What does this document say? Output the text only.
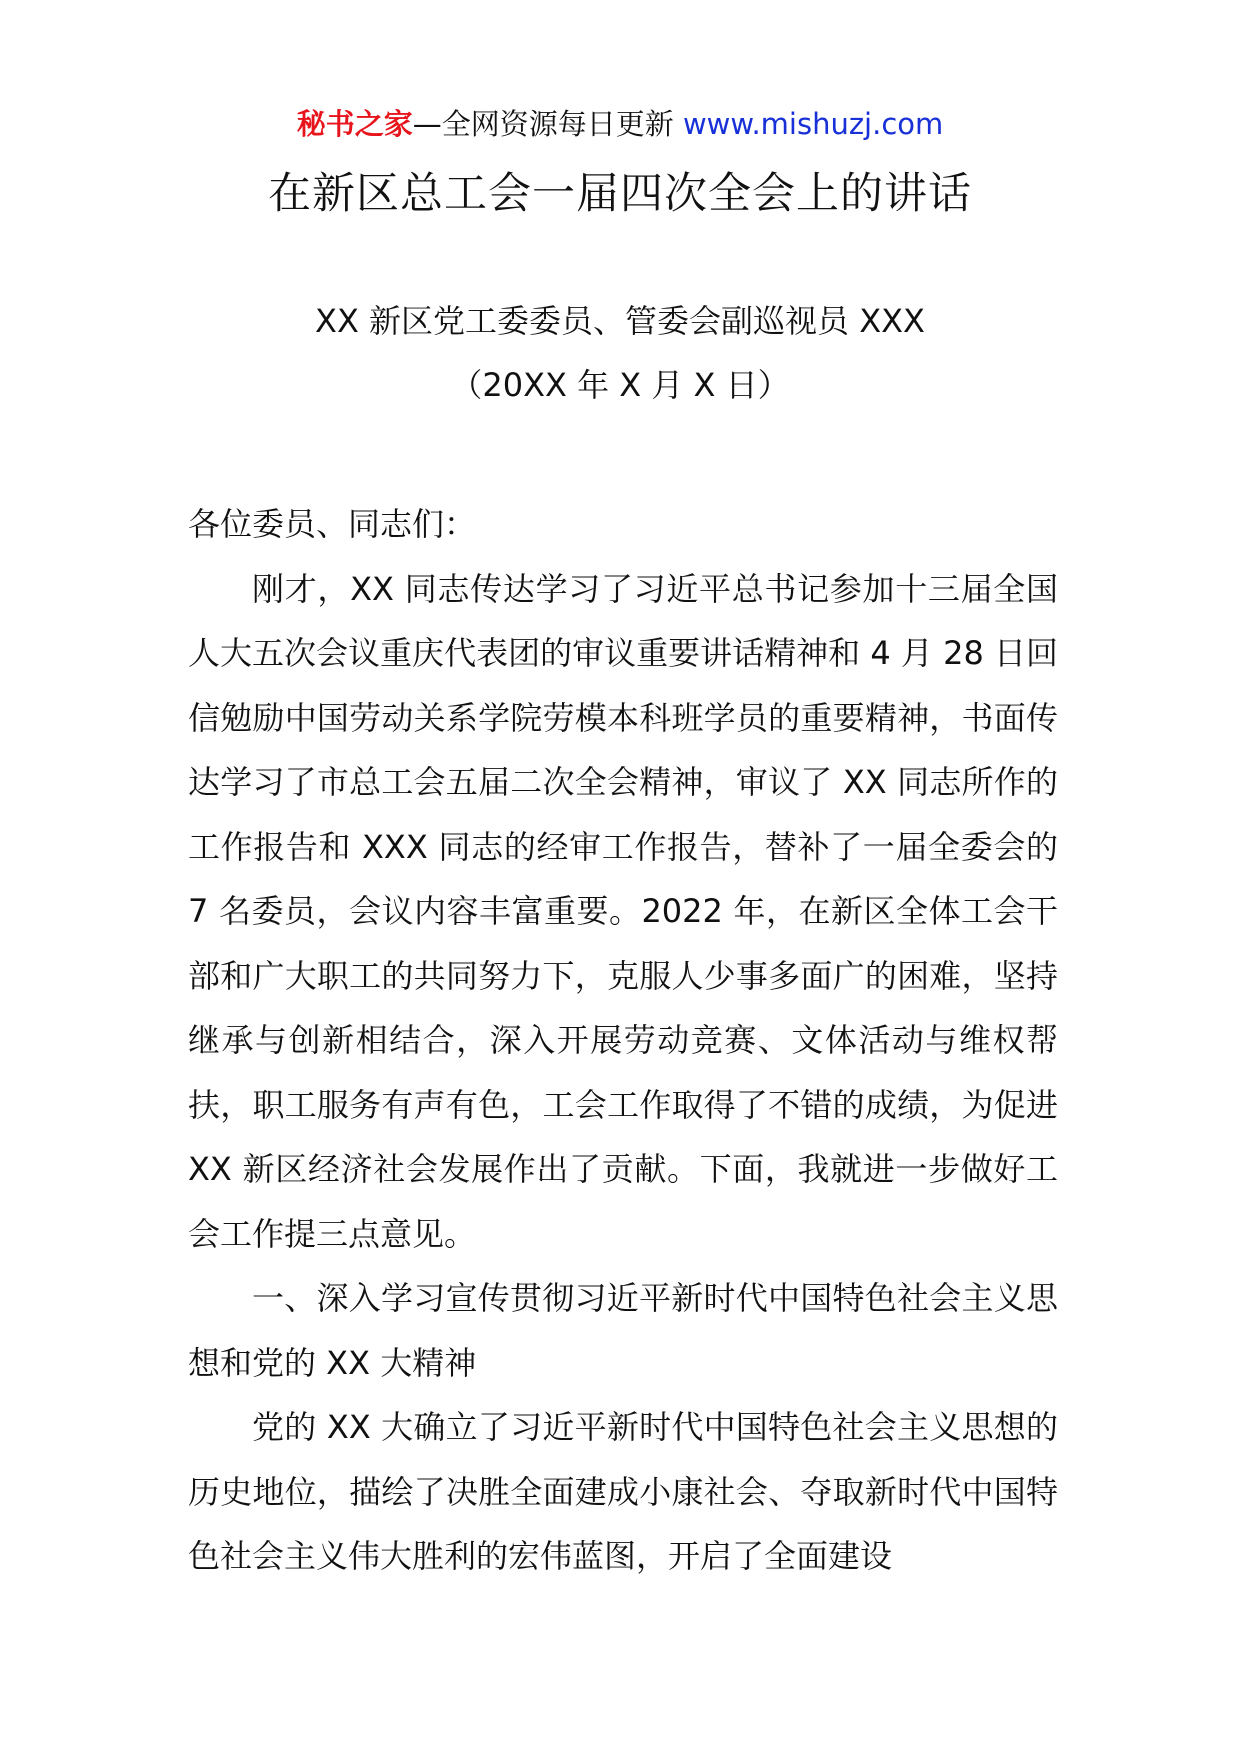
秘书之家—全网资源每日更新 www.mishuzj.com
在新区总工会一届四次全会上的讲话
XX 新区党工委委员、管委会副巡视员 XXX
（20XX 年 X 月 X 日）

各位委员、同志们：

刚才，XX 同志传达学习了习近平总书记参加十三届全国人大五次会议重庆代表团的审议重要讲话精神和 4 月 28 日回信勉励中国劳动关系学院劳模本科班学员的重要精神，书面传达学习了市总工会五届二次全会精神，审议了 XX 同志所作的工作报告和 XXX 同志的经审工作报告，替补了一届全委会的 7 名委员，会议内容丰富重要。2022 年，在新区全体工会干部和广大职工的共同努力下，克服人少事多面广的困难，坚持继承与创新相结合，深入开展劳动竞赛、文体活动与维权帮扶，职工服务有声有色，工会工作取得了不错的成绩，为促进 XX 新区经济社会发展作出了贡献。下面，我就进一步做好工会工作提三点意见。

一、深入学习宣传贯彻习近平新时代中国特色社会主义思想和党的 XX 大精神

党的 XX 大确立了习近平新时代中国特色社会主义思想的历史地位，描绘了决胜全面建成小康社会、夺取新时代中国特色社会主义伟大胜利的宏伟蓝图，开启了全面建设
